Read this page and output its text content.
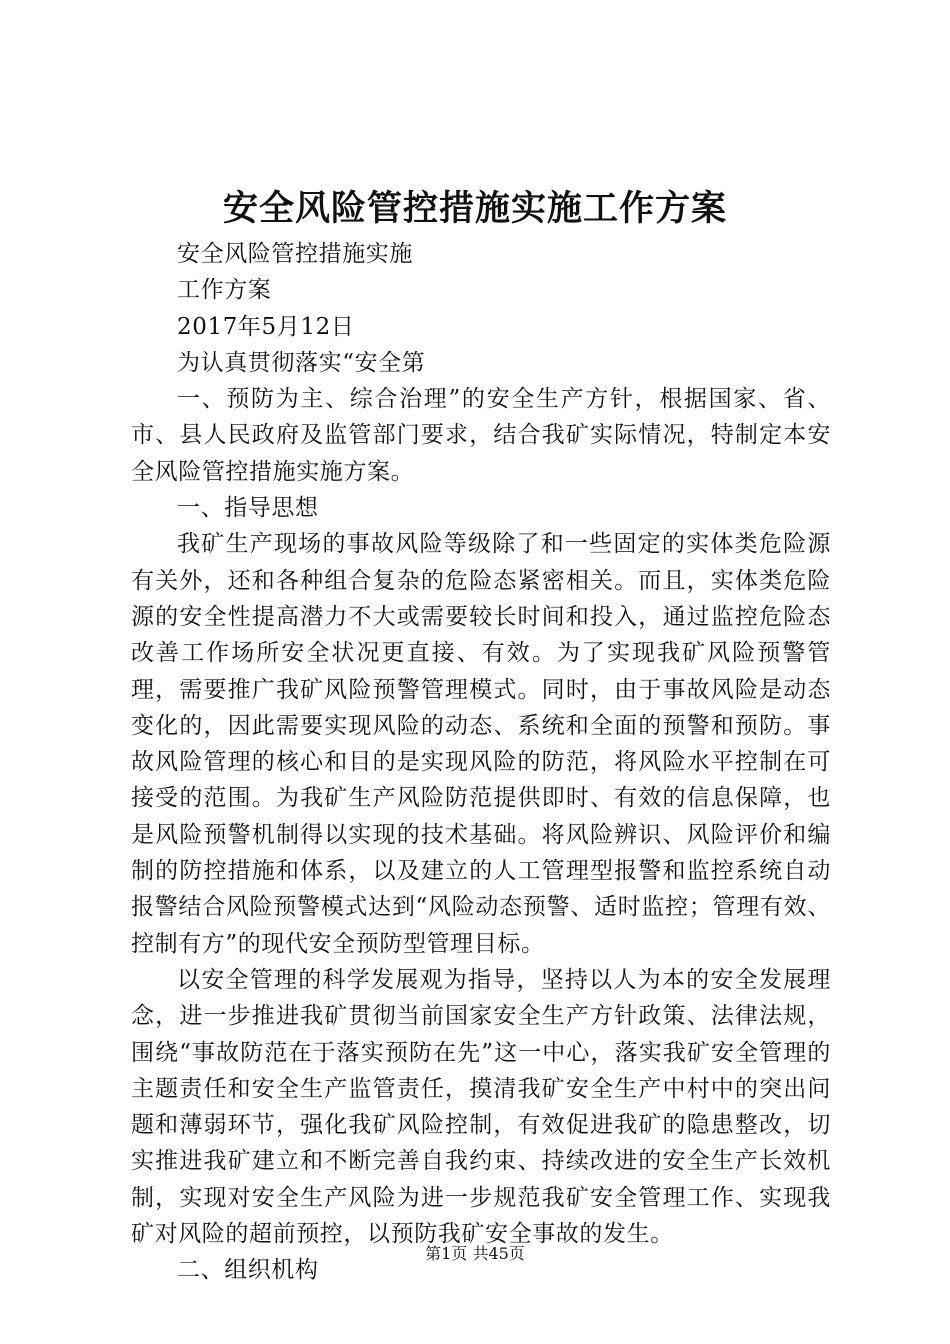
安全风险管控措施实施工作方案

安全风险管控措施实施

工作方案

2017年5月12日

为认真贯彻落实“安全第

一、预防为主、综合治理”的安全生产方针，根据国家、省、市、县人民政府及监管部门要求，结合我矿实际情况，特制定本安全风险管控措施实施方案。

一、指导思想

我矿生产现场的事故风险等级除了和一些固定的实体类危险源有关外，还和各种组合复杂的危险态紧密相关。而且，实体类危险源的安全性提高潜力不大或需要较长时间和投入，通过监控危险态改善工作场所安全状况更直接、有效。为了实现我矿风险预警管理，需要推广我矿风险预警管理模式。同时，由于事故风险是动态变化的，因此需要实现风险的动态、系统和全面的预警和预防。事故风险管理的核心和目的是实现风险的防范，将风险水平控制在可接受的范围。为我矿生产风险防范提供即时、有效的信息保障，也是风险预警机制得以实现的技术基础。将风险辨识、风险评价和编制的防控措施和体系，以及建立的人工管理型报警和监控系统自动报警结合风险预警模式达到“风险动态预警、适时监控；管理有效、控制有方”的现代安全预防型管理目标。

以安全管理的科学发展观为指导，坚持以人为本的安全发展理念，进一步推进我矿贯彻当前国家安全生产方针政策、法律法规，围绕“事故防范在于落实预防在先”这一中心，落实我矿安全管理的主题责任和安全生产监管责任，摸清我矿安全生产中村中的突出问题和薄弱环节，强化我矿风险控制，有效促进我矿的隐患整改，切实推进我矿建立和不断完善自我约束、持续改进的安全生产长效机制，实现对安全生产风险为进一步规范我矿安全管理工作、实现我矿对风险的超前预控，以预防我矿安全事故的发生。

二、组织机构

第1页 共45页
